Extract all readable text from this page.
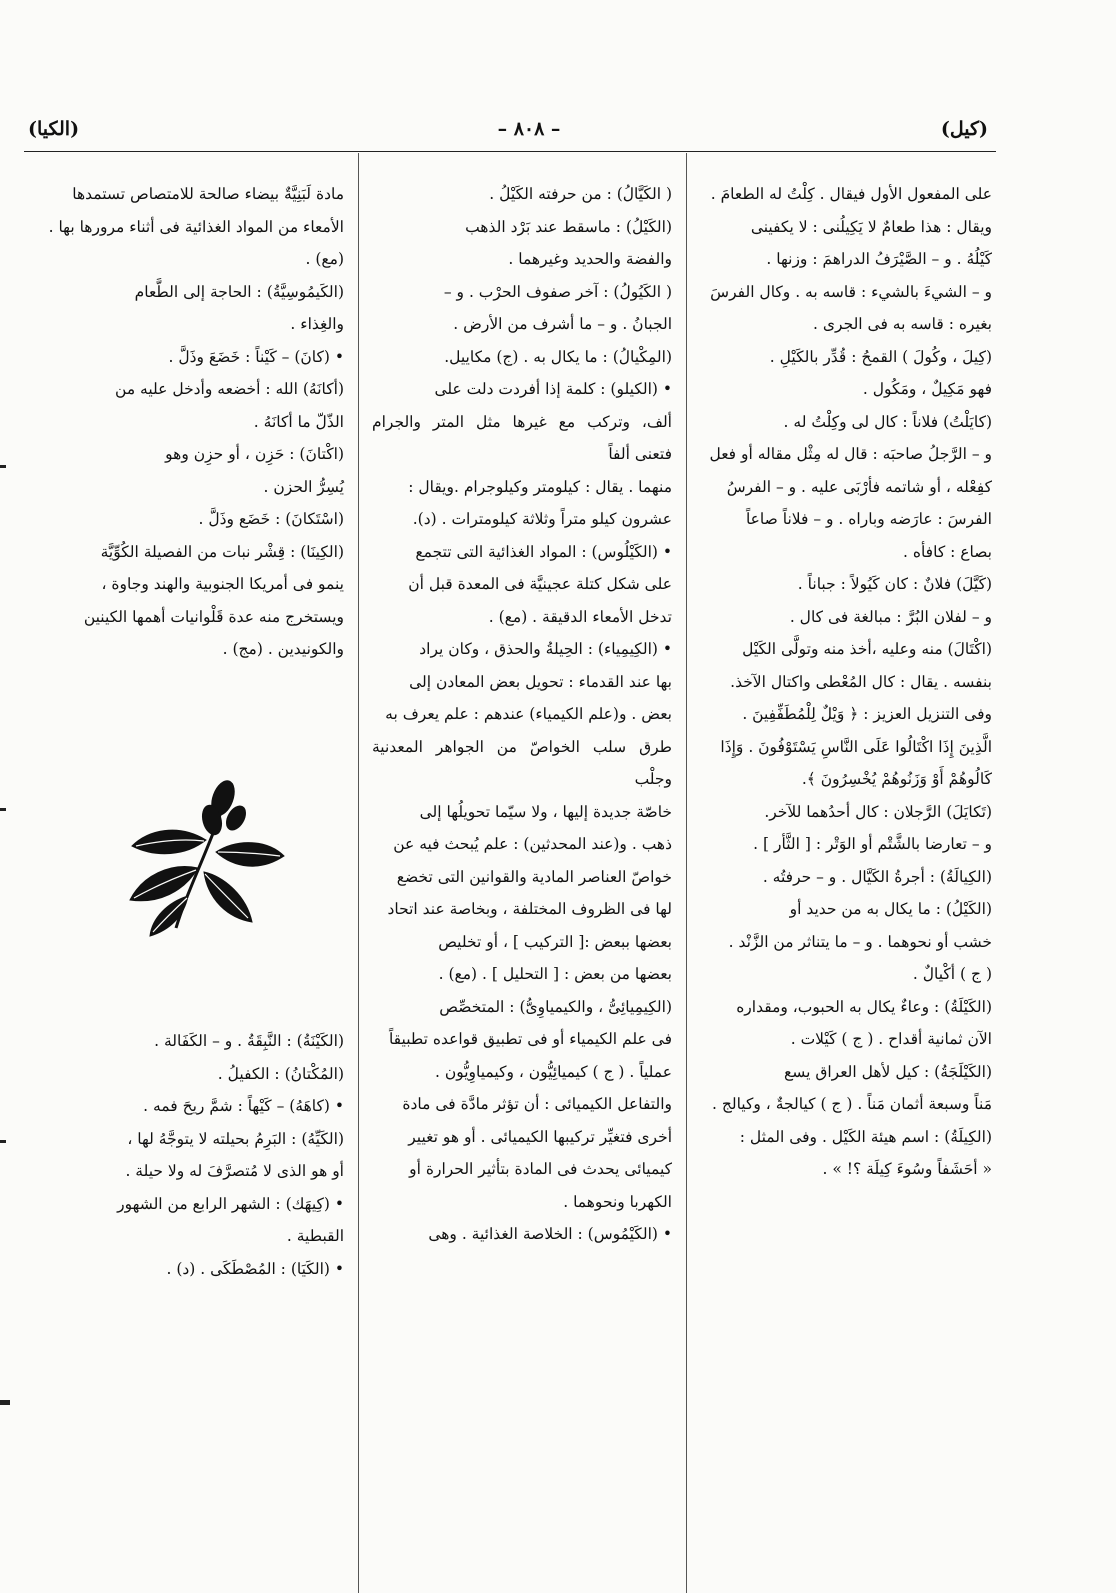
(كيل)
– ٨٠٨ –
(الكيا)

على المفعول الأول فيقال . كِلْتُ له الطعامَ .

ويقال : هذا طعامٌ لا يَكِيلُنى : لا يكفينى

كَيْلُهُ . و – الصَّيْرَفُ الدراهمَ : وزنها .

و – الشيءَ بالشيء : قاسه به . وكال الفرسَ

بغيره : قاسه به فى الجرى .

(كِيلَ ، وكُولَ ) القمحُ : قُدِّر بالكَيْلِ .

فهو مَكِيلٌ ، ومَكُول .

(كايَلْتُ) فلاناً : كال لى وكِلْتُ له .

و – الرَّجلُ صاحبَه : قال له مِثْل مقاله أو فعل

كفِعْله ، أو شاتمه فأرْبَى عليه . و – الفرسُ

الفرسَ : عارَضه وباراه . و – فلاناً صاعاً

بصاع : كافأه .

(كَيَّلَ) فلانٌ : كان كَيُولاً : جباناً .

و – لفلان البُرَّ : مبالغة فى كال .

(اكْتَالَ) منه وعليه ،أخذ منه وتولَّى الكَيْل

بنفسه . يقال : كال المُعْطى واكتال الآخذ.

وفى التنزيل العزيز : ﴿ وَيْلٌ لِلْمُطَفِّفِينَ .

الَّذِينَ إِذَا اكْتَالُوا عَلَى النَّاسِ يَسْتَوْفُونَ . وَإِذَا

كَالُوهُمْ أَوْ وَزَنُوهُمْ يُخْسِرُونَ ﴾.

(تَكايَلَ) الرَّجلان : كال أحدُهما للآخر.

و – تعارضا بالشَّتْم أو الوَتْر : [ الثَّأر ] .

(الكِيالَةُ) : أجرةُ الكَيَّال . و – حرفتُه .

(الكَيْلُ) : ما يكال به من حديد أو

خشب أو نحوهما . و – ما يتناثر من الزَّنْد .

( ج ) أكْيالٌ .

(الكَيْلَةُ) : وعاءٌ يكال به الحبوب، ومقداره

الآن ثمانية أقداح . ( ج ) كَيْلات .

(الكَيْلَجَةُ) : كيل لأهل العراق يسع

مَناً وسبعة أثمان مَناً . ( ج ) كيالجةٌ ، وكيالج .

(الكِيلَةُ) : اسم هيئة الكَيْل . وفى المثل :

« أحَشَفاً وسُوءَ كِيلَة ؟! » .

( الكَيَّالُ) : من حرفته الكَيْلُ .

(الكَيْلُ) : ماسقط عند بَرْد الذهب

والفضة والحديد وغيرهما .

( الكَيُولُ) : آخر صفوف الحرْب . و –

الجبانُ . و – ما أشرف من الأرض .

(المِكْيالُ) : ما يكال به . (ج) مكاييل.

• (الكيلو) : كلمة إذا أفردت دلت على

ألف، وتركب مع غيرها مثل المتر والجرام فتعنى ألفاً

منهما . يقال : كيلومتر وكيلوجرام .ويقال :

عشرون كيلو متراً وثلاثة كيلومترات . (د).

• (الكَيْلُوس) : المواد الغذائية التى تتجمع

على شكل كتلة عجينيَّة فى المعدة قبل أن

تدخل الأمعاء الدقيقة . (مع) .

• (الكِيمِياء) : الحِيلةُ والحذق ، وكان يراد

بها عند القدماء : تحويل بعض المعادن إلى

بعض . و(علم الكيمياء) عندهم : علم يعرف به

طرق سلب الخواصّ من الجواهر المعدنية وجلْب

خاصّة جديدة إليها ، ولا سيّما تحويلُها إلى

ذهب . و(عند المحدثين) : علم يُبحث فيه عن

خواصّ العناصر المادية والقوانين التى تخضع

لها فى الظروف المختلفة ، وبخاصة عند اتحاد

بعضها ببعض :[ التركيب ] ، أو تخليص

بعضها من بعض : [ التحليل ] . (مع) .

(الكِيمِيائِىُّ ، والكيمياوِىُّ) : المتخصِّص

فى علم الكيمياء أو فى تطبيق قواعده تطبيقاً

عملياً . ( ج ) كيميائِيُّون ، وكيمياوِيُّون .

والتفاعل الكيميائى : أن تؤثر مادَّة فى مادة

أخرى فتغيِّر تركيبها الكيميائى . أو هو تغيير

كيميائى يحدث فى المادة بتأثير الحرارة أو

الكهربا ونحوهما .

• (الكَيْمُوس) : الخلاصة الغذائية . وهى

مادة لَبَنِيَّةٌ بيضاء صالحة للامتصاص تستمدها

الأمعاء من المواد الغذائية فى أثناء مرورها بها .

(مع) .

(الكَيمُوسِيَّةُ) : الحاجة إلى الطَّعام

والغِذاء .

• (كانَ) – كَيْناً : خَضَعَ وذَلَّ .

(أكانَهُ) الله : أخضعه وأدخل عليه من

الذّلّ ما أكانَهُ .

(اكْتانَ) : حَزِن ، أو حزِن وهو

يُسِرُّ الحزن .

(اسْتَكانَ) : خَضَع وذَلَّ .

(الكِينَا) : قِشْر نبات من الفصيلة الكُوِّيَّة

ينمو فى أمريكا الجنوبية والهند وجاوة ،

ويستخرج منه عدة قَلْوانيات أهمها الكينين

والكونيدين . (مج) .

(الكَيْنَةُ) : النَّبِقَةُ . و – الكَفَالة .

(المُكْتانُ) : الكفيلُ .

• (كاهَهُ) – كَيْهاً : شمَّ ريحَ فمه .

(الكَيِّهُ) : البَرِمُ بحيلته لا يتوجَّهُ لها ،

أو هو الذى لا مُتصرَّفَ له ولا حيلة .

• (كِيهَك) : الشهر الرابع من الشهور

القبطية .

• (الكَيَا) : المُصْطَكَى . (د) .
